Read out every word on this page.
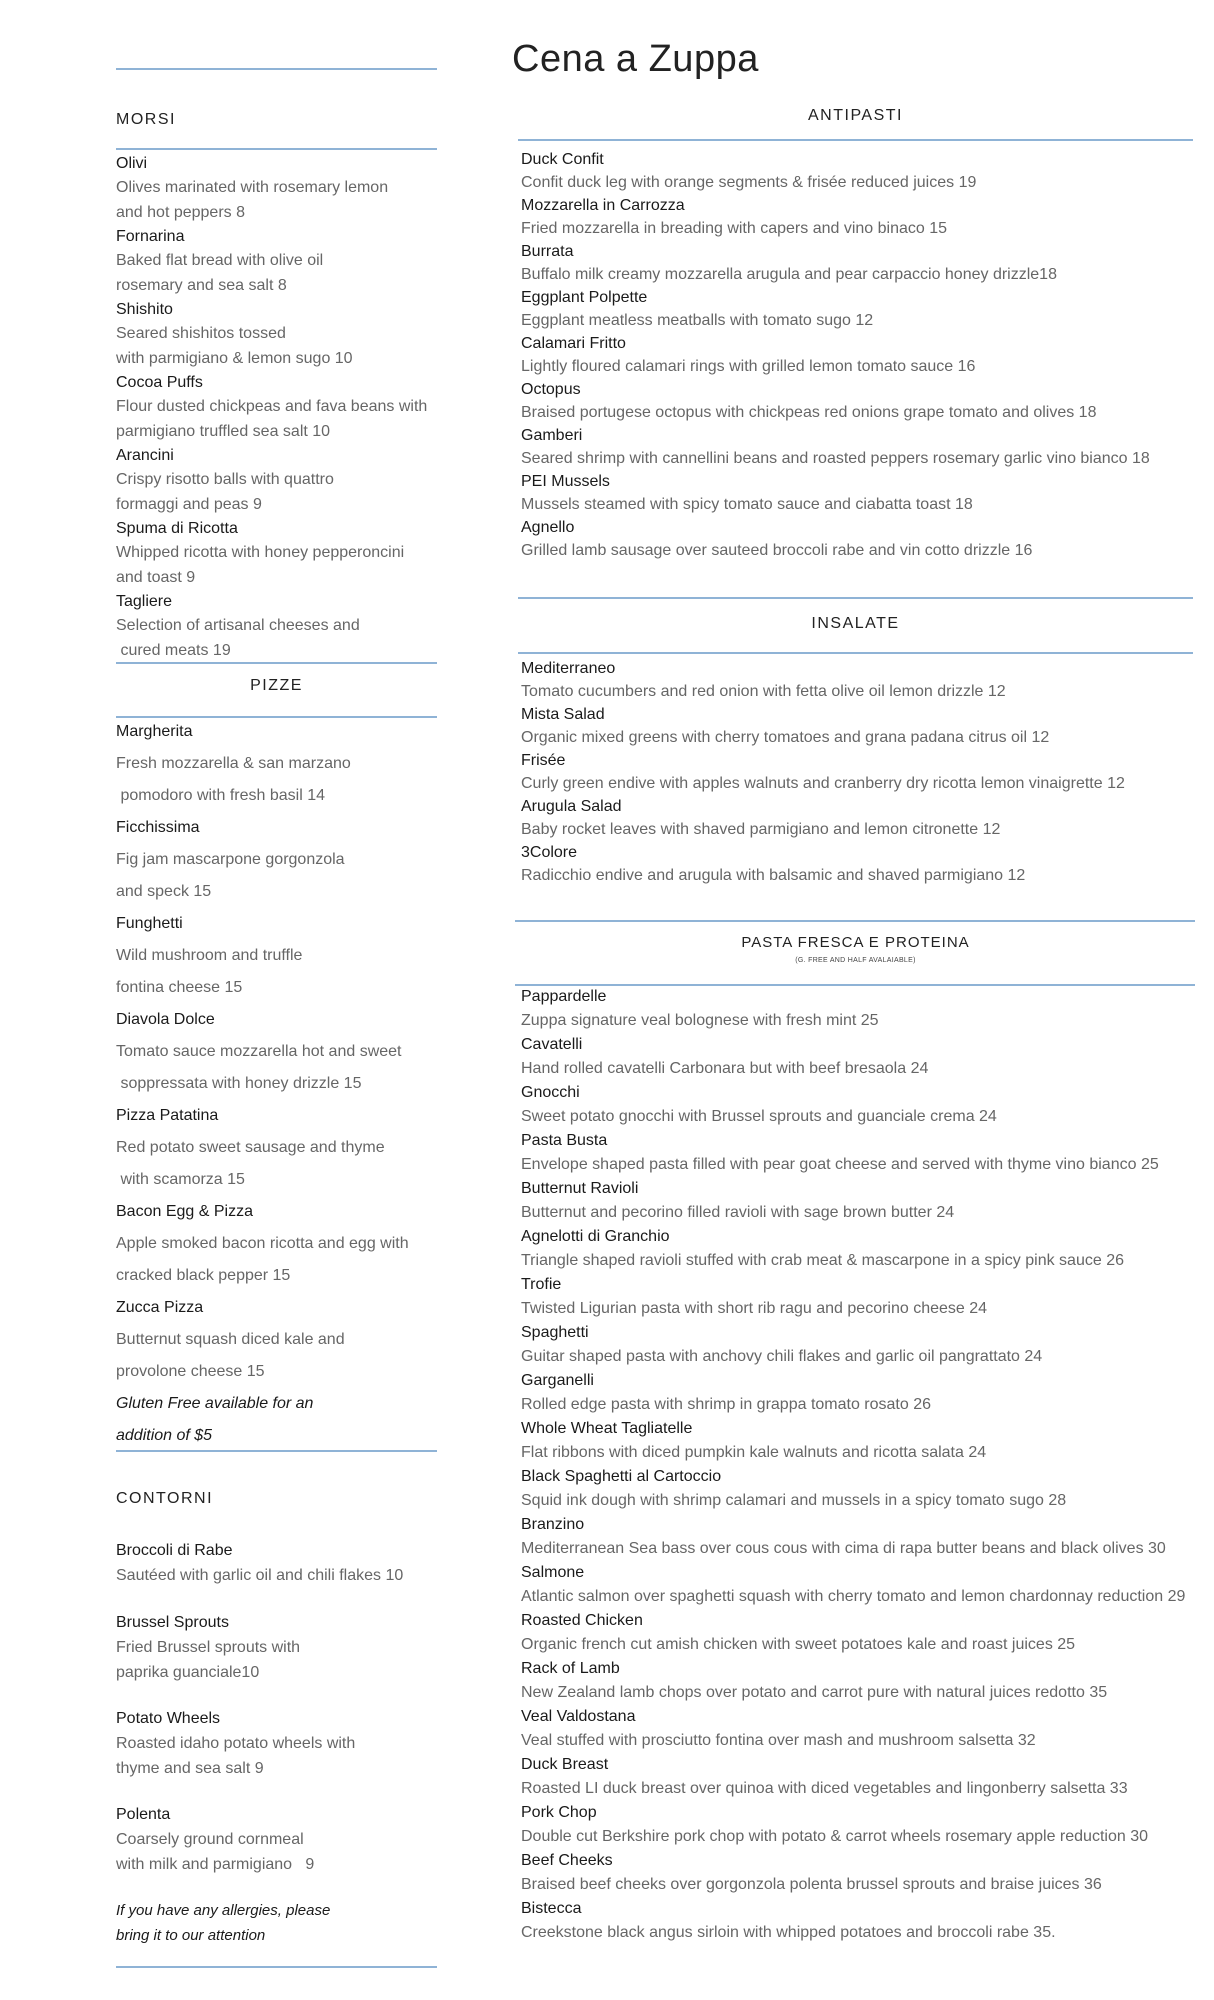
Cena a Zuppa
MORSI
Olivi
Olives marinated with rosemary lemon
and hot peppers 8
Fornarina
Baked flat bread with olive oil
rosemary and sea salt 8
Shishito
Seared shishitos tossed
with parmigiano & lemon sugo 10
Cocoa Puffs
Flour dusted chickpeas and fava beans with
parmigiano truffled sea salt 10
Arancini
Crispy risotto balls with quattro
formaggi and peas 9
Spuma di Ricotta
Whipped ricotta with honey pepperoncini
and toast 9
Tagliere
Selection of artisanal cheeses and
cured meats 19
PIZZE
Margherita
Fresh mozzarella & san marzano
pomodoro with fresh basil 14
Ficchissima
Fig jam mascarpone gorgonzola
and speck 15
Funghetti
Wild mushroom and truffle
fontina cheese 15
Diavola Dolce
Tomato sauce mozzarella hot and sweet
soppressata with honey drizzle 15
Pizza Patatina
Red potato sweet sausage and thyme
with scamorza 15
Bacon Egg & Pizza
Apple smoked bacon ricotta and egg with
cracked black pepper 15
Zucca Pizza
Butternut squash diced kale and
provolone cheese 15
Gluten Free available for an
addition of $5
CONTORNI
Broccoli di Rabe
Sautéed with garlic oil and chili flakes 10
Brussel Sprouts
Fried Brussel sprouts with
paprika guanciale10
Potato Wheels
Roasted idaho potato wheels with
thyme and sea salt 9
Polenta
Coarsely ground cornmeal
with milk and parmigiano   9
If you have any allergies, please
bring it to our attention
ANTIPASTI
Duck Confit
Confit duck leg with orange segments & frisée reduced juices 19
Mozzarella in Carrozza
Fried mozzarella in breading with capers and vino binaco 15
Burrata
Buffalo milk creamy mozzarella arugula and pear carpaccio honey drizzle18
Eggplant Polpette
Eggplant meatless meatballs with tomato sugo 12
Calamari Fritto
Lightly floured calamari rings with grilled lemon tomato sauce 16
Octopus
Braised portugese octopus with chickpeas red onions grape tomato and olives 18
Gamberi
Seared shrimp with cannellini beans and roasted peppers rosemary garlic vino bianco 18
PEI Mussels
Mussels steamed with spicy tomato sauce and ciabatta toast 18
Agnello
Grilled lamb sausage over sauteed broccoli rabe and vin cotto drizzle 16
INSALATE
Mediterraneo
Tomato cucumbers and red onion with fetta olive oil lemon drizzle 12
Mista Salad
Organic mixed greens with cherry tomatoes and grana padana citrus oil 12
Frisée
Curly green endive with apples walnuts and cranberry dry ricotta lemon vinaigrette 12
Arugula Salad
Baby rocket leaves with shaved parmigiano and lemon citronette 12
3Colore
Radicchio endive and arugula with balsamic and shaved parmigiano 12
PASTA FRESCA E PROTEINA
(G. FREE AND HALF AVALAIABLE)
Pappardelle
Zuppa signature veal bolognese with fresh mint 25
Cavatelli
Hand rolled cavatelli Carbonara but with beef bresaola 24
Gnocchi
Sweet potato gnocchi with Brussel sprouts and guanciale crema 24
Pasta Busta
Envelope shaped pasta filled with pear goat cheese and served with thyme vino bianco 25
Butternut Ravioli
Butternut and pecorino filled ravioli with sage brown butter 24
Agnelotti di Granchio
Triangle shaped ravioli stuffed with crab meat & mascarpone in a spicy pink sauce 26
Trofie
Twisted Ligurian pasta with short rib ragu and pecorino cheese 24
Spaghetti
Guitar shaped pasta with anchovy chili flakes and garlic oil pangrattato 24
Garganelli
Rolled edge pasta with shrimp in grappa tomato rosato 26
Whole Wheat Tagliatelle
Flat ribbons with diced pumpkin kale walnuts and ricotta salata 24
Black Spaghetti al Cartoccio
Squid ink dough with shrimp calamari and mussels in a spicy tomato sugo 28
Branzino
Mediterranean Sea bass over cous cous with cima di rapa butter beans and black olives 30
Salmone
Atlantic salmon over spaghetti squash with cherry tomato and lemon chardonnay reduction 29
Roasted Chicken
Organic french cut amish chicken with sweet potatoes kale and roast juices 25
Rack of Lamb
New Zealand lamb chops over potato and carrot pure with natural juices redotto 35
Veal Valdostana
Veal stuffed with prosciutto fontina over mash and mushroom salsetta 32
Duck Breast
Roasted LI duck breast over quinoa with diced vegetables and lingonberry salsetta 33
Pork Chop
Double cut Berkshire pork chop with potato & carrot wheels rosemary apple reduction 30
Beef Cheeks
Braised beef cheeks over gorgonzola polenta brussel sprouts and braise juices 36
Bistecca
Creekstone black angus sirloin with whipped potatoes and broccoli rabe 35.
